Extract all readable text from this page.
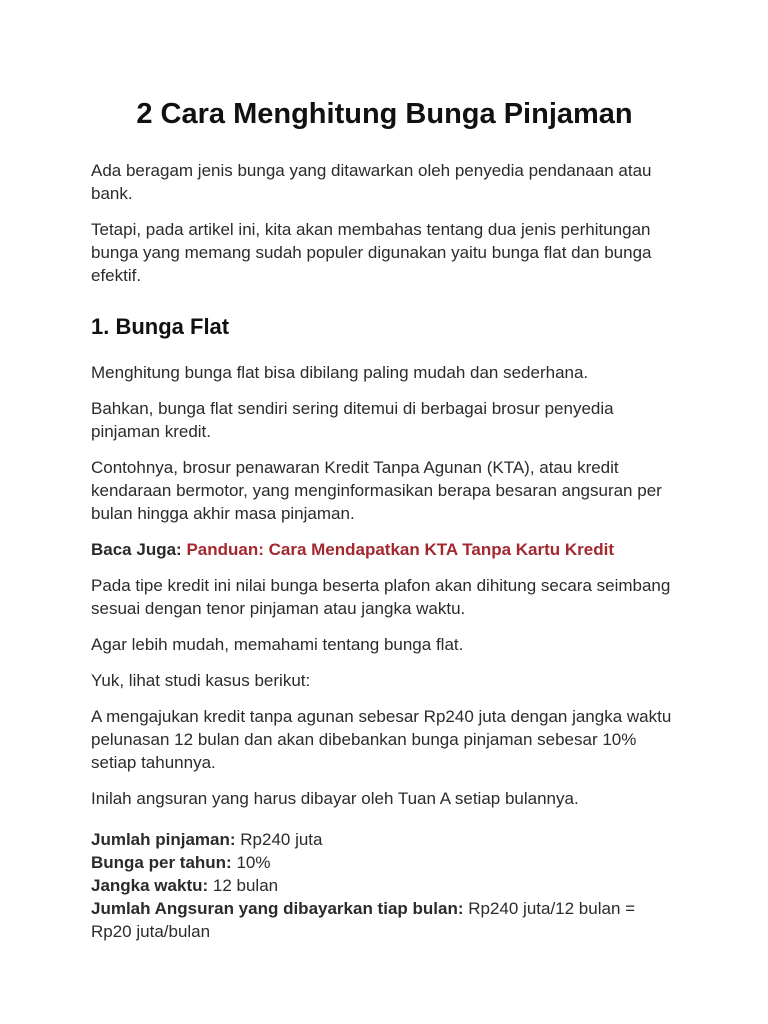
2 Cara Menghitung Bunga Pinjaman

Ada beragam jenis bunga yang ditawarkan oleh penyedia pendanaan atau bank.

Tetapi, pada artikel ini, kita akan membahas tentang dua jenis perhitungan bunga yang memang sudah populer digunakan yaitu bunga flat dan bunga efektif.

1. Bunga Flat

Menghitung bunga flat bisa dibilang paling mudah dan sederhana.

Bahkan, bunga flat sendiri sering ditemui di berbagai brosur penyedia pinjaman kredit.

Contohnya, brosur penawaran Kredit Tanpa Agunan (KTA), atau kredit kendaraan bermotor, yang menginformasikan berapa besaran angsuran per bulan hingga akhir masa pinjaman.

Baca Juga: Panduan: Cara Mendapatkan KTA Tanpa Kartu Kredit

Pada tipe kredit ini nilai bunga beserta plafon akan dihitung secara seimbang sesuai dengan tenor pinjaman atau jangka waktu.

Agar lebih mudah, memahami tentang bunga flat.

Yuk, lihat studi kasus berikut:

A mengajukan kredit tanpa agunan sebesar Rp240 juta dengan jangka waktu pelunasan 12 bulan dan akan dibebankan bunga pinjaman sebesar 10% setiap tahunnya.

Inilah angsuran yang harus dibayar oleh Tuan A setiap bulannya.

Jumlah pinjaman: Rp240 juta

Bunga per tahun: 10%

Jangka waktu: 12 bulan

Jumlah Angsuran yang dibayarkan tiap bulan: Rp240 juta/12 bulan = Rp20 juta/bulan
